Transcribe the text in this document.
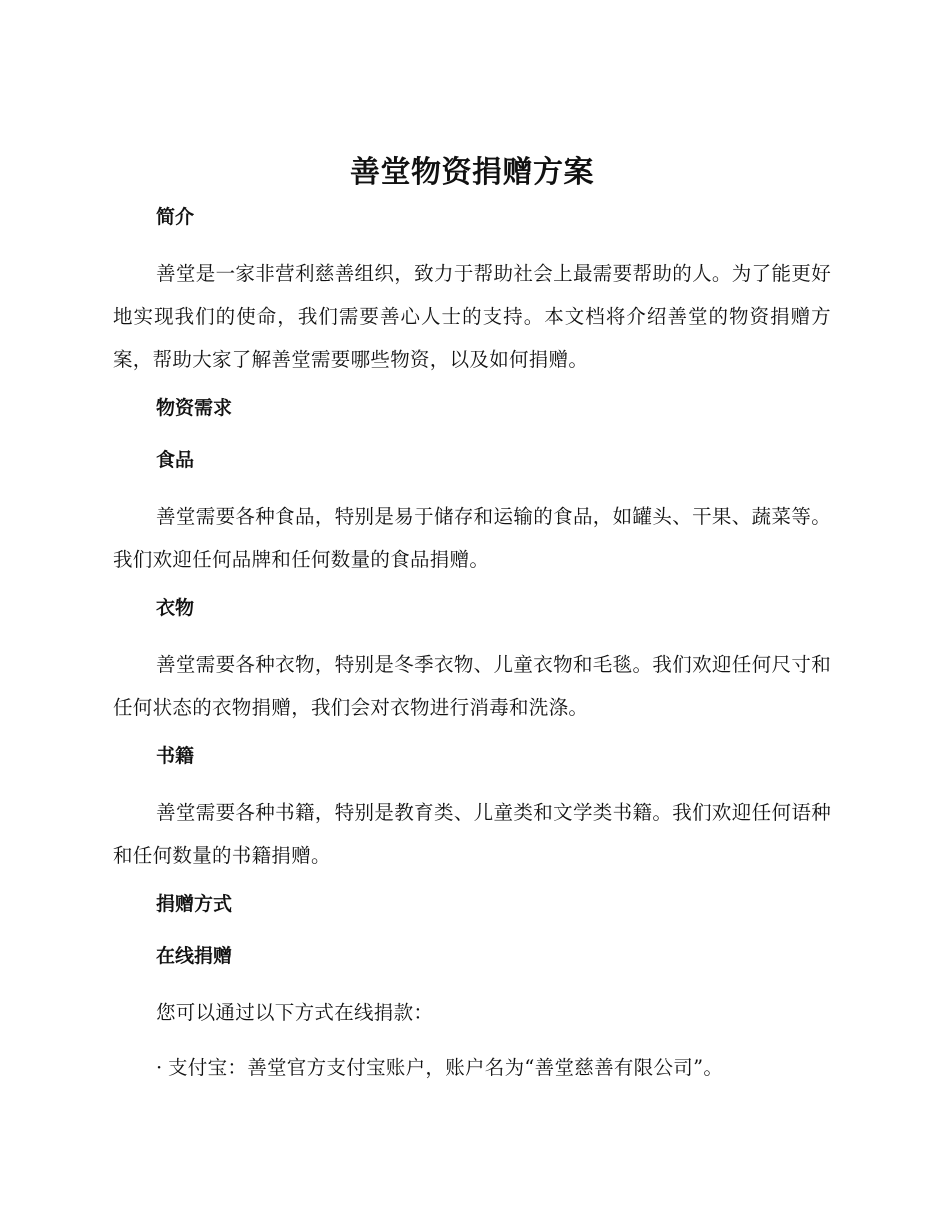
善堂物资捐赠方案
简介

善堂是一家非营利慈善组织，致力于帮助社会上最需要帮助的人。为了能更好地实现我们的使命，我们需要善心人士的支持。本文档将介绍善堂的物资捐赠方案，帮助大家了解善堂需要哪些物资，以及如何捐赠。

物资需求
食品

善堂需要各种食品，特别是易于储存和运输的食品，如罐头、干果、蔬菜等。我们欢迎任何品牌和任何数量的食品捐赠。

衣物

善堂需要各种衣物，特别是冬季衣物、儿童衣物和毛毯。我们欢迎任何尺寸和任何状态的衣物捐赠，我们会对衣物进行消毒和洗涤。

书籍

善堂需要各种书籍，特别是教育类、儿童类和文学类书籍。我们欢迎任何语种和任何数量的书籍捐赠。

捐赠方式
在线捐赠

您可以通过以下方式在线捐款：

· 支付宝：善堂官方支付宝账户，账户名为“善堂慈善有限公司”。
